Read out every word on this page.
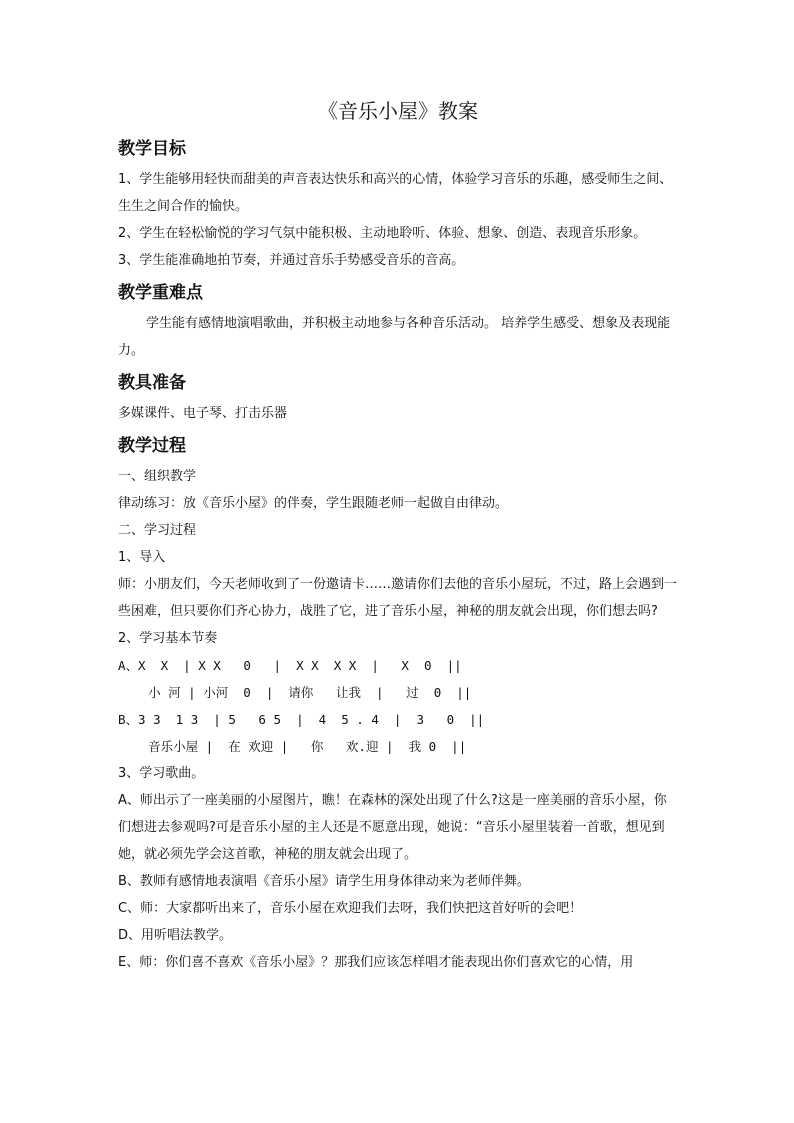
《音乐小屋》教案
教学目标

1、学生能够用轻快而甜美的声音表达快乐和高兴的心情，体验学习音乐的乐趣，感受师生之间、生生之间合作的愉快。

2、学生在轻松愉悦的学习气氛中能积极、主动地聆听、体验、想象、创造、表现音乐形象。

3、学生能准确地拍节奏，并通过音乐手势感受音乐的音高。

教学重难点

学生能有感情地演唱歌曲，并积极主动地参与各种音乐活动。 培养学生感受、想象及表现能力。

教具准备

多媒课件、电子琴、打击乐器

教学过程

一、组织教学

律动练习：放《音乐小屋》的伴奏，学生跟随老师一起做自由律动。

二、学习过程

1、导入

师：小朋友们，今天老师收到了一份邀请卡……邀请你们去他的音乐小屋玩，不过，路上会遇到一些困难，但只要你们齐心协力，战胜了它，进了音乐小屋，神秘的朋友就会出现，你们想去吗?

2、学习基本节奏

A、X  X  | X X   0   |  X X  X X  |   X  0  ||

小 河 | 小河  0  |  请你   让我  |   过  0  ||

B、3 3  1 3  | 5   6 5  |  4  5 . 4  |  3   0  ||

音乐小屋 |  在 欢迎 |   你   欢.迎 |  我 0  ||

3、学习歌曲。

A、师出示了一座美丽的小屋图片，瞧！在森林的深处出现了什么?这是一座美丽的音乐小屋，你们想进去参观吗?可是音乐小屋的主人还是不愿意出现，她说：“音乐小屋里装着一首歌，想见到她，就必须先学会这首歌，神秘的朋友就会出现了。

B、教师有感情地表演唱《音乐小屋》请学生用身体律动来为老师伴舞。

C、师：大家都听出来了，音乐小屋在欢迎我们去呀，我们快把这首好听的会吧！

D、用听唱法教学。

E、师：你们喜不喜欢《音乐小屋》？那我们应该怎样唱才能表现出你们喜欢它的心情，用
